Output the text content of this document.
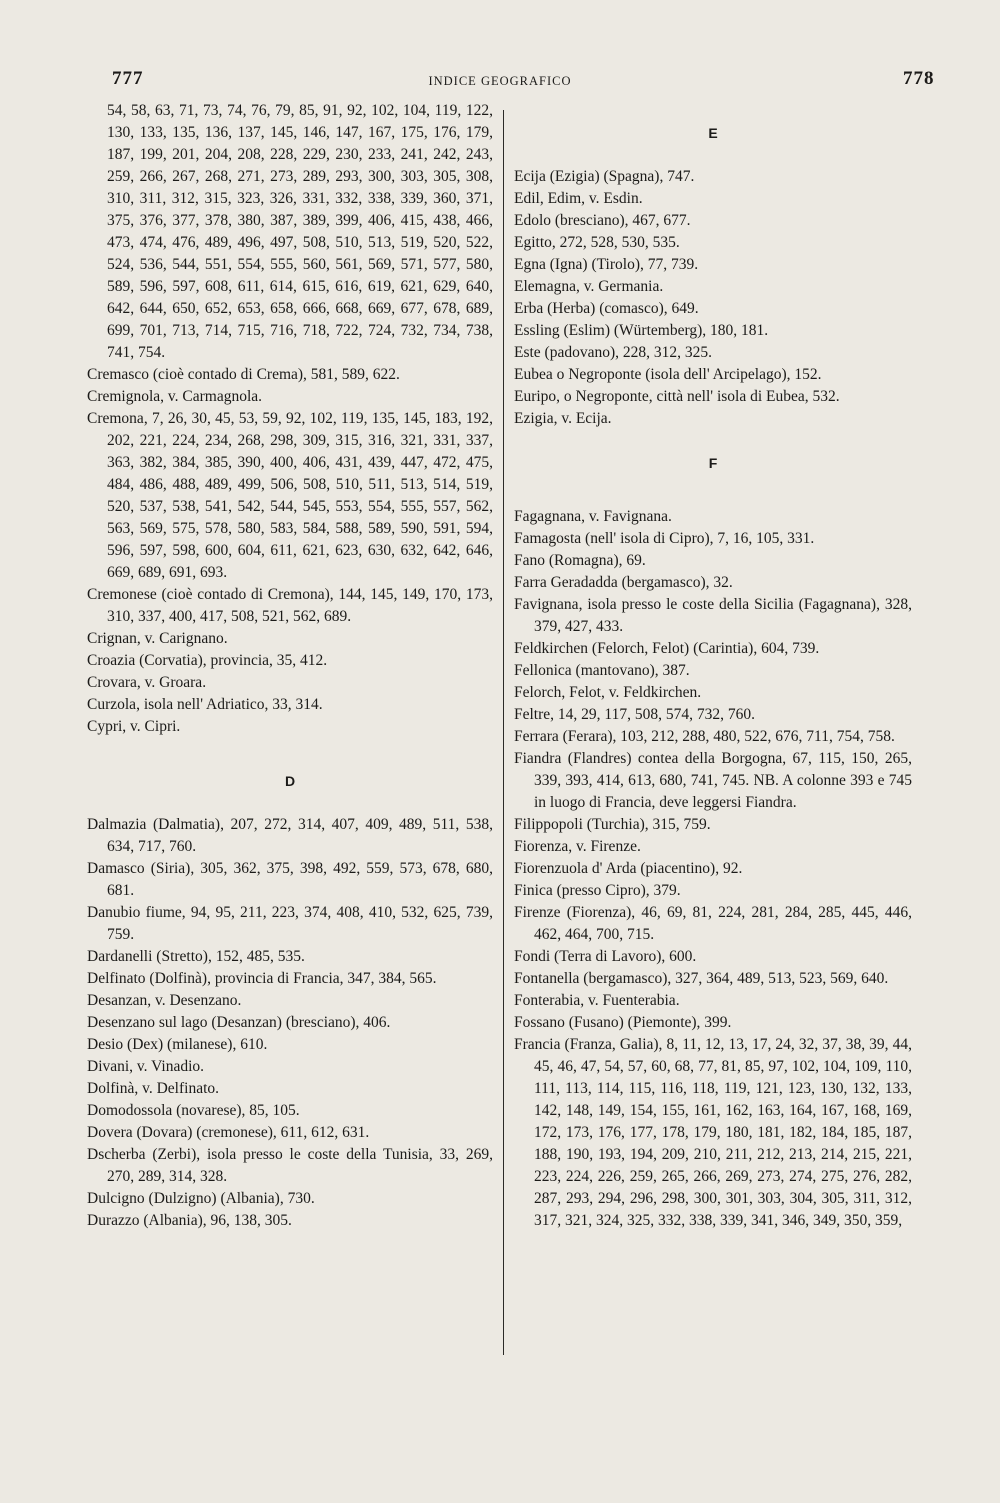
777	INDICE GEOGRAFICO	778

54, 58, 63, 71, 73, 74, 76, 79, 85, 91, 92, 102, 104, 119, 122, 130, 133, 135, 136, 137, 145, 146, 147, 167, 175, 176, 179, 187, 199, 201, 204, 208, 228, 229, 230, 233, 241, 242, 243, 259, 266, 267, 268, 271, 273, 289, 293, 300, 303, 305, 308, 310, 311, 312, 315, 323, 326, 331, 332, 338, 339, 360, 371, 375, 376, 377, 378, 380, 387, 389, 399, 406, 415, 438, 466, 473, 474, 476, 489, 496, 497, 508, 510, 513, 519, 520, 522, 524, 536, 544, 551, 554, 555, 560, 561, 569, 571, 577, 580, 589, 596, 597, 608, 611, 614, 615, 616, 619, 621, 629, 640, 642, 644, 650, 652, 653, 658, 666, 668, 669, 677, 678, 689, 699, 701, 713, 714, 715, 716, 718, 722, 724, 732, 734, 738, 741, 754.

Cremasco (cioè contado di Crema), 581, 589, 622.

Cremignola, v. Carmagnola.

Cremona, 7, 26, 30, 45, 53, 59, 92, 102, 119, 135, 145, 183, 192, 202, 221, 224, 234, 268, 298, 309, 315, 316, 321, 331, 337, 363, 382, 384, 385, 390, 400, 406, 431, 439, 447, 472, 475, 484, 486, 488, 489, 499, 506, 508, 510, 511, 513, 514, 519, 520, 537, 538, 541, 542, 544, 545, 553, 554, 555, 557, 562, 563, 569, 575, 578, 580, 583, 584, 588, 589, 590, 591, 594, 596, 597, 598, 600, 604, 611, 621, 623, 630, 632, 642, 646, 669, 689, 691, 693.

Cremonese (cioè contado di Cremona), 144, 145, 149, 170, 173, 310, 337, 400, 417, 508, 521, 562, 689.

Crignan, v. Carignano.

Croazia (Corvatia), provincia, 35, 412.

Crovara, v. Groara.

Curzola, isola nell' Adriatico, 33, 314.

Cypri, v. Cipri.

D

Dalmazia (Dalmatia), 207, 272, 314, 407, 409, 489, 511, 538, 634, 717, 760.

Damasco (Siria), 305, 362, 375, 398, 492, 559, 573, 678, 680, 681.

Danubio fiume, 94, 95, 211, 223, 374, 408, 410, 532, 625, 739, 759.

Dardanelli (Stretto), 152, 485, 535.

Delfinato (Dolfinà), provincia di Francia, 347, 384, 565.

Desanzan, v. Desenzano.

Desenzano sul lago (Desanzan) (bresciano), 406.

Desio (Dex) (milanese), 610.

Divani, v. Vinadio.

Dolfinà, v. Delfinato.

Domodossola (novarese), 85, 105.

Dovera (Dovara) (cremonese), 611, 612, 631.

Dscherba (Zerbi), isola presso le coste della Tunisia, 33, 269, 270, 289, 314, 328.

Dulcigno (Dulzigno) (Albania), 730.

Durazzo (Albania), 96, 138, 305.

E

Ecija (Ezigia) (Spagna), 747.

Edil, Edim, v. Esdin.

Edolo (bresciano), 467, 677.

Egitto, 272, 528, 530, 535.

Egna (Igna) (Tirolo), 77, 739.

Elemagna, v. Germania.

Erba (Herba) (comasco), 649.

Essling (Eslim) (Würtemberg), 180, 181.

Este (padovano), 228, 312, 325.

Eubea o Negroponte (isola dell' Arcipelago), 152.

Euripo, o Negroponte, città nell' isola di Eubea, 532.

Ezigia, v. Ecija.

F

Fagagnana, v. Favignana.

Famagosta (nell' isola di Cipro), 7, 16, 105, 331.

Fano (Romagna), 69.

Farra Geradadda (bergamasco), 32.

Favignana, isola presso le coste della Sicilia (Fagagnana), 328, 379, 427, 433.

Feldkirchen (Felorch, Felot) (Carintia), 604, 739.

Fellonica (mantovano), 387.

Felorch, Felot, v. Feldkirchen.

Feltre, 14, 29, 117, 508, 574, 732, 760.

Ferrara (Ferara), 103, 212, 288, 480, 522, 676, 711, 754, 758.

Fiandra (Flandres) contea della Borgogna, 67, 115, 150, 265, 339, 393, 414, 613, 680, 741, 745. NB. A colonne 393 e 745 in luogo di Francia, deve leggersi Fiandra.

Filippopoli (Turchia), 315, 759.

Fiorenza, v. Firenze.

Fiorenzuola d' Arda (piacentino), 92.

Finica (presso Cipro), 379.

Firenze (Fiorenza), 46, 69, 81, 224, 281, 284, 285, 445, 446, 462, 464, 700, 715.

Fondi (Terra di Lavoro), 600.

Fontanella (bergamasco), 327, 364, 489, 513, 523, 569, 640.

Fonterabia, v. Fuenterabia.

Fossano (Fusano) (Piemonte), 399.

Francia (Franza, Galia), 8, 11, 12, 13, 17, 24, 32, 37, 38, 39, 44, 45, 46, 47, 54, 57, 60, 68, 77, 81, 85, 97, 102, 104, 109, 110, 111, 113, 114, 115, 116, 118, 119, 121, 123, 130, 132, 133, 142, 148, 149, 154, 155, 161, 162, 163, 164, 167, 168, 169, 172, 173, 176, 177, 178, 179, 180, 181, 182, 184, 185, 187, 188, 190, 193, 194, 209, 210, 211, 212, 213, 214, 215, 221, 223, 224, 226, 259, 265, 266, 269, 273, 274, 275, 276, 282, 287, 293, 294, 296, 298, 300, 301, 303, 304, 305, 311, 312, 317, 321, 324, 325, 332, 338, 339, 341, 346, 349, 350, 359,
